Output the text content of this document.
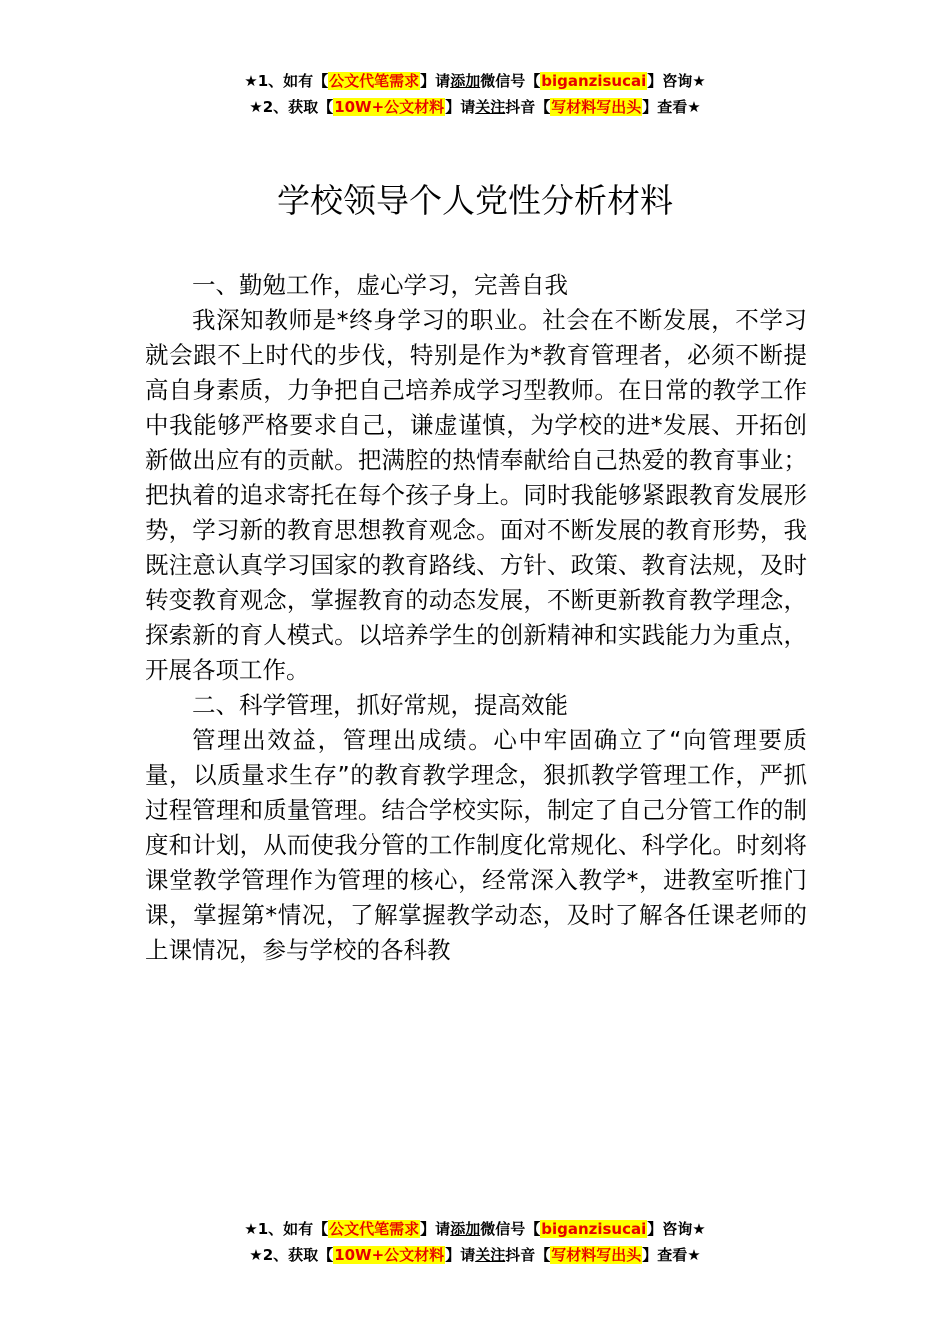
★1、如有【公文代笔需求】请添加微信号【biganzisucai】咨询★
★2、获取【10W+公文材料】请关注抖音【写材料写出头】查看★
学校领导个人党性分析材料

一、勤勉工作，虚心学习，完善自我

我深知教师是*终身学习的职业。社会在不断发展，不学习就会跟不上时代的步伐，特别是作为*教育管理者，必须不断提高自身素质，力争把自己培养成学习型教师。在日常的教学工作中我能够严格要求自己，谦虚谨慎，为学校的进*发展、开拓创新做出应有的贡献。把满腔的热情奉献给自己热爱的教育事业；把执着的追求寄托在每个孩子身上。同时我能够紧跟教育发展形势，学习新的教育思想教育观念。面对不断发展的教育形势，我既注意认真学习国家的教育路线、方针、政策、教育法规，及时转变教育观念，掌握教育的动态发展，不断更新教育教学理念，探索新的育人模式。以培养学生的创新精神和实践能力为重点，开展各项工作。

二、科学管理，抓好常规，提高效能

管理出效益，管理出成绩。心中牢固确立了“向管理要质量，以质量求生存”的教育教学理念，狠抓教学管理工作，严抓过程管理和质量管理。结合学校实际，制定了自己分管工作的制度和计划，从而使我分管的工作制度化常规化、科学化。时刻将课堂教学管理作为管理的核心，经常深入教学*，进教室听推门课，掌握第*情况，了解掌握教学动态，及时了解各任课老师的上课情况，参与学校的各科教

★1、如有【公文代笔需求】请添加微信号【biganzisucai】咨询★
★2、获取【10W+公文材料】请关注抖音【写材料写出头】查看★
